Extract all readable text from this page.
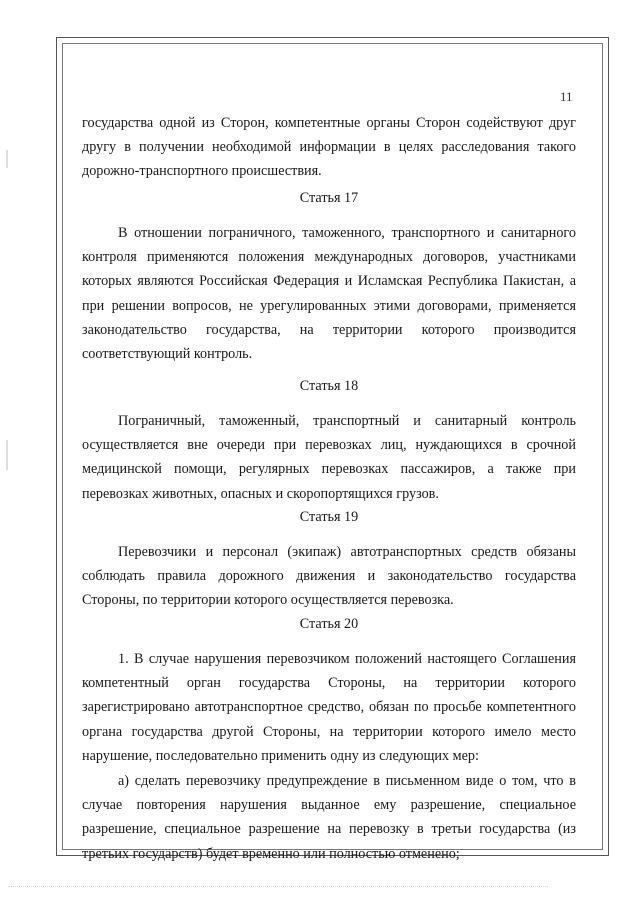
11
государства одной из Сторон, компетентные органы Сторон содействуют друг другу в получении необходимой информации в целях расследования такого дорожно-транспортного происшествия.
Статья 17
В отношении пограничного, таможенного, транспортного и санитарного контроля применяются положения международных договоров, участниками которых являются Российская Федерация и Исламская Республика Пакистан, а при решении вопросов, не урегулированных этими договорами, применяется законодательство государства, на территории которого производится соответствующий контроль.
Статья 18
Пограничный, таможенный, транспортный и санитарный контроль осуществляется вне очереди при перевозках лиц, нуждающихся в срочной медицинской помощи, регулярных перевозках пассажиров, а также при перевозках животных, опасных и скоропортящихся грузов.
Статья 19
Перевозчики и персонал (экипаж) автотранспортных средств обязаны соблюдать правила дорожного движения и законодательство государства Стороны, по территории которого осуществляется перевозка.
Статья 20
1. В случае нарушения перевозчиком положений настоящего Соглашения компетентный орган государства Стороны, на территории которого зарегистрировано автотранспортное средство, обязан по просьбе компетентного органа государства другой Стороны, на территории которого имело место нарушение, последовательно применить одну из следующих мер:
а) сделать перевозчику предупреждение в письменном виде о том, что в случае повторения нарушения выданное ему разрешение, специальное разрешение, специальное разрешение на перевозку в третьи государства (из третьих государств) будет временно или полностью отменено;
